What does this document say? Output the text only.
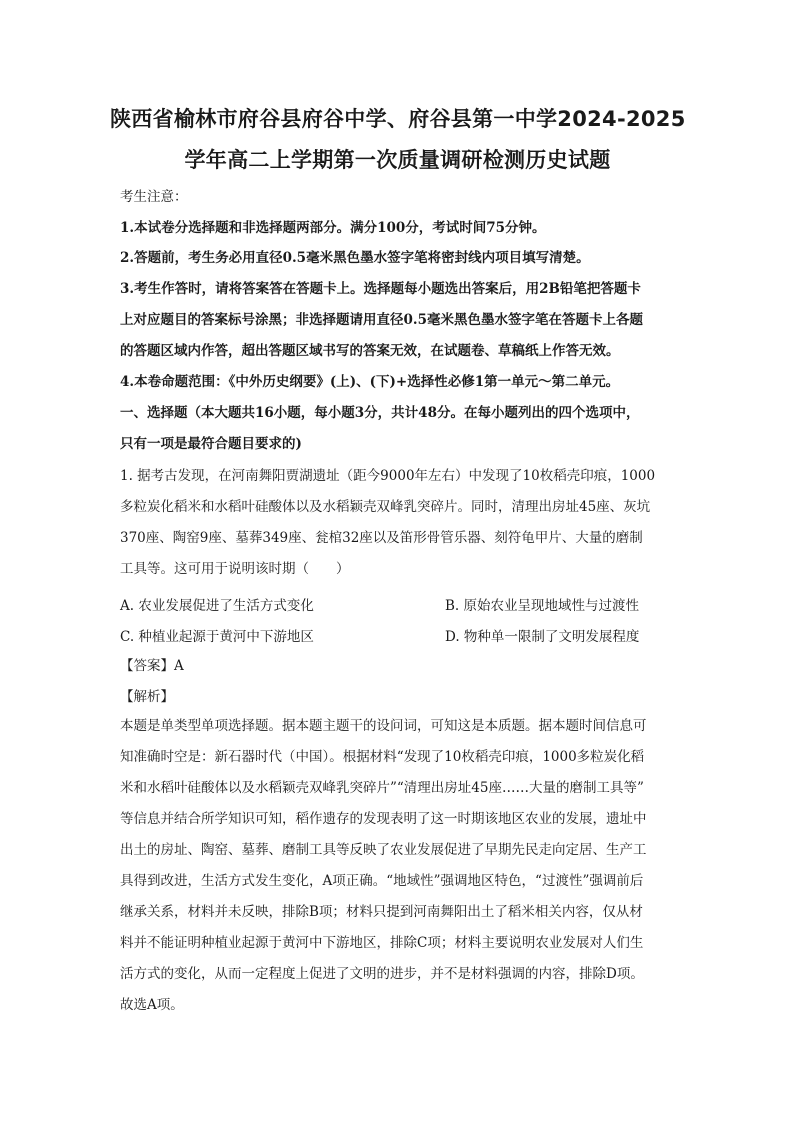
陕西省榆林市府谷县府谷中学、府谷县第一中学2024-2025
学年高二上学期第一次质量调研检测历史试题
考生注意：
1.本试卷分选择题和非选择题两部分。满分100分，考试时间75分钟。
2.答题前，考生务必用直径0.5毫米黑色墨水签字笔将密封线内项目填写清楚。
3.考生作答时，请将答案答在答题卡上。选择题每小题选出答案后，用2B铅笔把答题卡
上对应题目的答案标号涂黑；非选择题请用直径0.5毫米黑色墨水签字笔在答题卡上各题
的答题区域内作答，超出答题区域书写的答案无效，在试题卷、草稿纸上作答无效。
4.本卷命题范围：《中外历史纲要》(上)、(下)+选择性必修1第一单元～第二单元。
一、选择题（本大题共16小题，每小题3分，共计48分。在每小题列出的四个选项中，
只有一项是最符合题目要求的)
1. 据考古发现，在河南舞阳贾湖遗址（距今9000年左右）中发现了10枚稻壳印痕，1000
多粒炭化稻米和水稻叶硅酸体以及水稻颖壳双峰乳突碎片。同时，清理出房址45座、灰坑
370座、陶窑9座、墓葬349座、瓮棺32座以及笛形骨管乐器、刻符龟甲片、大量的磨制
工具等。这可用于说明该时期（　　）
A. 农业发展促进了生活方式变化	B. 原始农业呈现地域性与过渡性
C. 种植业起源于黄河中下游地区	D. 物种单一限制了文明发展程度
【答案】A
【解析】
本题是单类型单项选择题。据本题主题干的设问词，可知这是本质题。据本题时间信息可
知准确时空是：新石器时代（中国）。根据材料“发现了10枚稻壳印痕，1000多粒炭化稻
米和水稻叶硅酸体以及水稻颖壳双峰乳突碎片”“清理出房址45座……大量的磨制工具等”
等信息并结合所学知识可知，稻作遗存的发现表明了这一时期该地区农业的发展，遗址中
出土的房址、陶窑、墓葬、磨制工具等反映了农业发展促进了早期先民走向定居、生产工
具得到改进，生活方式发生变化，A项正确。“地域性”强调地区特色，“过渡性”强调前后
继承关系，材料并未反映，排除B项；材料只提到河南舞阳出土了稻米相关内容，仅从材
料并不能证明种植业起源于黄河中下游地区，排除C项；材料主要说明农业发展对人们生
活方式的变化，从而一定程度上促进了文明的进步，并不是材料强调的内容，排除D项。
故选A项。
